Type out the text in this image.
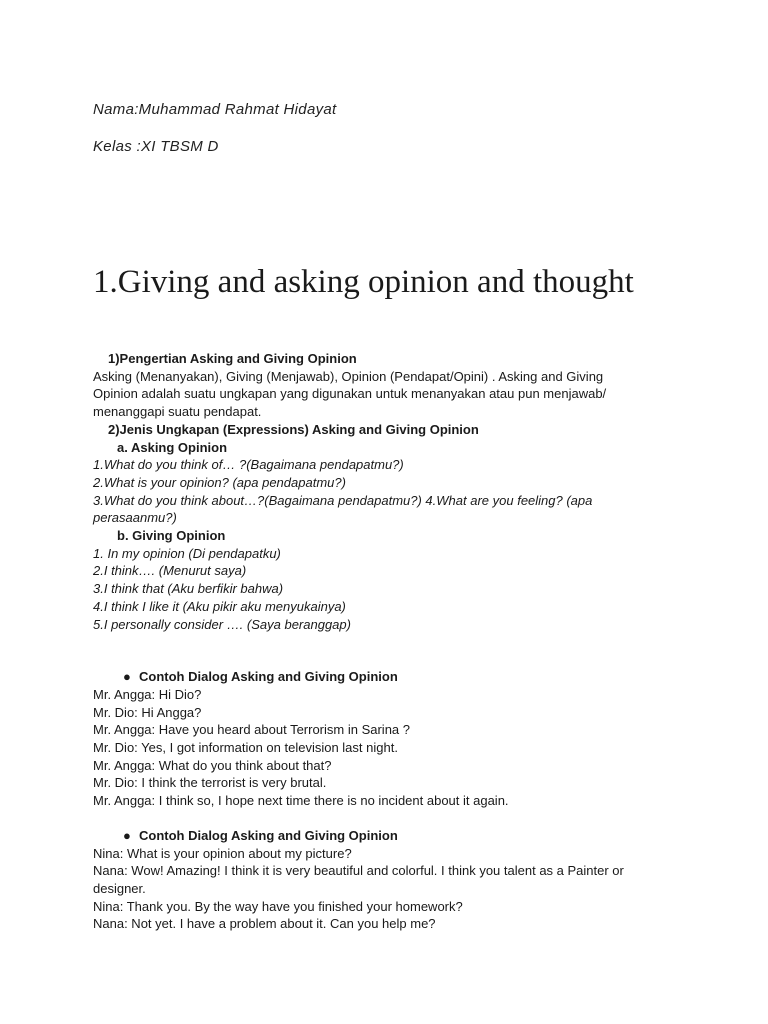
Nama:Muhammad Rahmat Hidayat
Kelas :XI TBSM D
1.Giving and asking opinion and thought
1)Pengertian Asking and Giving Opinion
Asking (Menanyakan), Giving (Menjawab), Opinion (Pendapat/Opini) . Asking and Giving
Opinion adalah suatu ungkapan yang digunakan untuk menanyakan atau pun menjawab/
menanggapi suatu pendapat.
2)Jenis Ungkapan (Expressions) Asking and Giving Opinion
a. Asking Opinion
1.What do you think of… ?(Bagaimana pendapatmu?)
2.What is your opinion? (apa pendapatmu?)
3.What do you think about…?(Bagaimana pendapatmu?) 4.What are you feeling? (apa
perasaanmu?)
b. Giving Opinion
1. In my opinion (Di pendapatku)
2.I think…. (Menurut saya)
3.I think that (Aku berfikir bahwa)
4.I think I like it (Aku pikir aku menyukainya)
5.I personally consider …. (Saya beranggap)
● Contoh Dialog Asking and Giving Opinion
Mr. Angga: Hi Dio?
Mr. Dio: Hi Angga?
Mr. Angga: Have you heard about Terrorism in Sarina ?
Mr. Dio: Yes, I got information on television last night.
Mr. Angga: What do you think about that?
Mr. Dio: I think the terrorist is very brutal.
Mr. Angga: I think so, I hope next time there is no incident about it again.
● Contoh Dialog Asking and Giving Opinion
Nina: What is your opinion about my picture?
Nana: Wow! Amazing! I think it is very beautiful and colorful. I think you talent as a Painter or
designer.
Nina: Thank you. By the way have you finished your homework?
Nana: Not yet. I have a problem about it. Can you help me?
